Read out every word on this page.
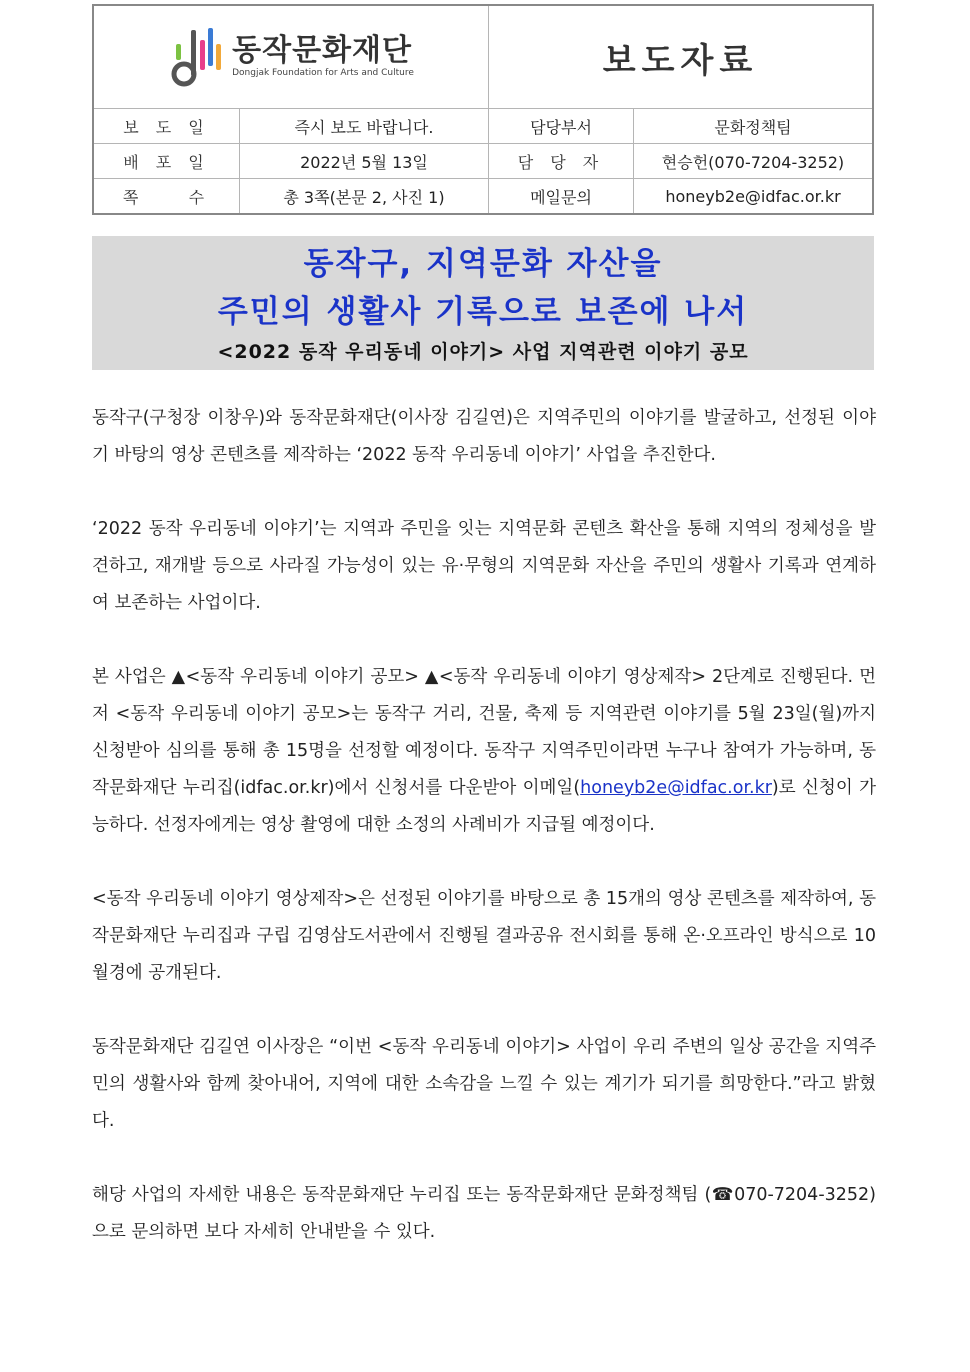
동작문화재단
Dongjak Foundation for Arts and Culture		보도자료	
보 도 일	즉시 보도 바랍니다.	담당부서	문화정책팀
배 포 일	2022년 5월 13일	담 당 자	현승헌(070-7204-3252)
쪽    수	총 3쪽(본문 2, 사진 1)	메일문의	honeyb2e@idfac.or.kr
동작구, 지역문화 자산을
주민의 생활사 기록으로 보존에 나서
<2022 동작 우리동네 이야기> 사업 지역관련 이야기 공모

동작구(구청장 이창우)와 동작문화재단(이사장 김길연)은 지역주민의 이야기를 발굴하고, 선정된 이야기 바탕의 영상 콘텐츠를 제작하는 ‘2022 동작 우리동네 이야기’ 사업을 추진한다.

‘2022 동작 우리동네 이야기’는 지역과 주민을 잇는 지역문화 콘텐츠 확산을 통해 지역의 정체성을 발견하고, 재개발 등으로 사라질 가능성이 있는 유·무형의 지역문화 자산을 주민의 생활사 기록과 연계하여 보존하는 사업이다.

본 사업은 ▲<동작 우리동네 이야기 공모> ▲<동작 우리동네 이야기 영상제작> 2단계로 진행된다. 먼저 <동작 우리동네 이야기 공모>는 동작구 거리, 건물, 축제 등 지역관련 이야기를 5월 23일(월)까지 신청받아 심의를 통해 총 15명을 선정할 예정이다. 동작구 지역주민이라면 누구나 참여가 가능하며, 동작문화재단 누리집(idfac.or.kr)에서 신청서를 다운받아 이메일(honeyb2e@idfac.or.kr)로 신청이 가능하다. 선정자에게는 영상 촬영에 대한 소정의 사례비가 지급될 예정이다.

<동작 우리동네 이야기 영상제작>은 선정된 이야기를 바탕으로 총 15개의 영상 콘텐츠를 제작하여, 동작문화재단 누리집과 구립 김영삼도서관에서 진행될 결과공유 전시회를 통해 온·오프라인 방식으로 10월경에 공개된다.

동작문화재단 김길연 이사장은 “이번 <동작 우리동네 이야기> 사업이 우리 주변의 일상 공간을 지역주민의 생활사와 함께 찾아내어, 지역에 대한 소속감을 느낄 수 있는 계기가 되기를 희망한다.”라고 밝혔다.

해당 사업의 자세한 내용은 동작문화재단 누리집 또는 동작문화재단 문화정책팀 (☎070-7204-3252)으로 문의하면 보다 자세히 안내받을 수 있다.
